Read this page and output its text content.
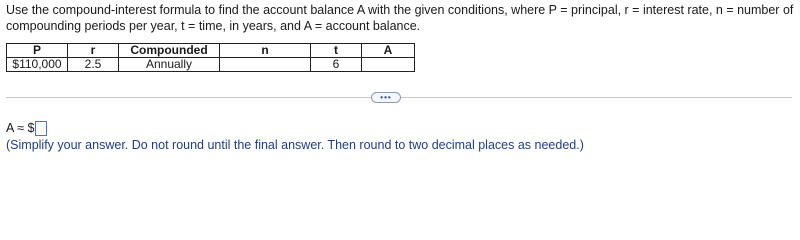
Use the compound-interest formula to find the account balance A with the given conditions, where P = principal, r = interest rate, n = number of compounding periods per year, t = time, in years, and A = account balance.
P	r	Compounded	n	t	A
$110,000	2.5	Annually		6	
•••
A ≈ $
(Simplify your answer. Do not round until the final answer. Then round to two decimal places as needed.)
